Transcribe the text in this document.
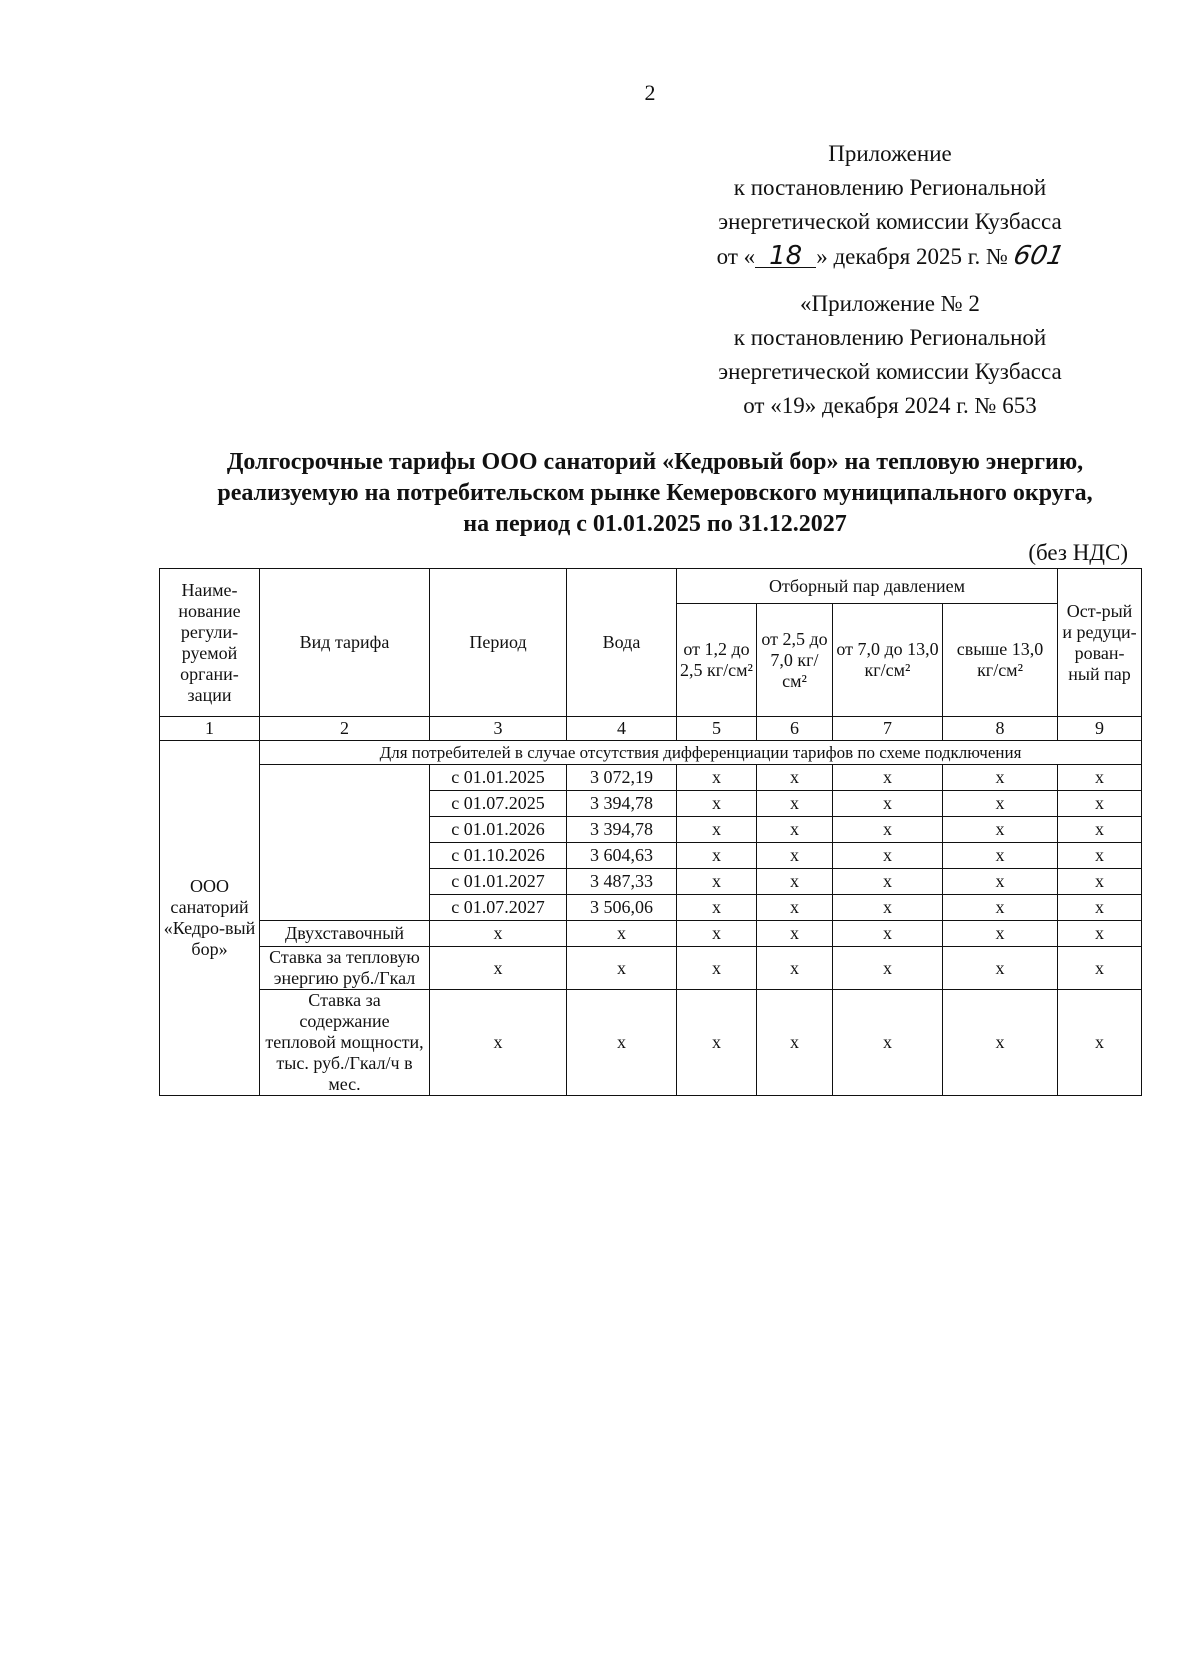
2
Приложение
к постановлению Региональной
энергетической комиссии Кузбасса
от « 18 » декабря 2025 г. № 601
«Приложение № 2
к постановлению Региональной
энергетической комиссии Кузбасса
от «19» декабря 2024 г. № 653
Долгосрочные тарифы ООО санаторий «Кедровый бор» на тепловую энергию,
реализуемую на потребительском рынке Кемеровского муниципального округа,
на период с 01.01.2025 по 31.12.2027
(без НДС)
Наиме-нование регули-руемой органи-зации	Вид тарифа	Период	Вода	Отборный пар давлением				Ост-рый и редуци-рован-ный пар
				от 1,2 до 2,5 кг/см²	от 2,5 до 7,0 кг/см²	от 7,0 до 13,0 кг/см²	свыше 13,0 кг/см²	
1	2	3	4	5	6	7	8	9
ООО санаторий «Кедро-вый бор»	Для потребителей в случае отсутствия дифференциации тарифов по схеме подключения							
		с 01.01.2025	3 072,19	x	x	x	x	x
		с 01.07.2025	3 394,78	x	x	x	x	x
		с 01.01.2026	3 394,78	x	x	x	x	x
		с 01.10.2026	3 604,63	x	x	x	x	x
		с 01.01.2027	3 487,33	x	x	x	x	x
		с 01.07.2027	3 506,06	x	x	x	x	x
	Двухставочный	x	x	x	x	x	x	x
	Ставка за тепловую энергию руб./Гкал	x	x	x	x	x	x	x
	Ставка за содержание тепловой мощности, тыс. руб./Гкал/ч в мес.	x	x	x	x	x	x	x
